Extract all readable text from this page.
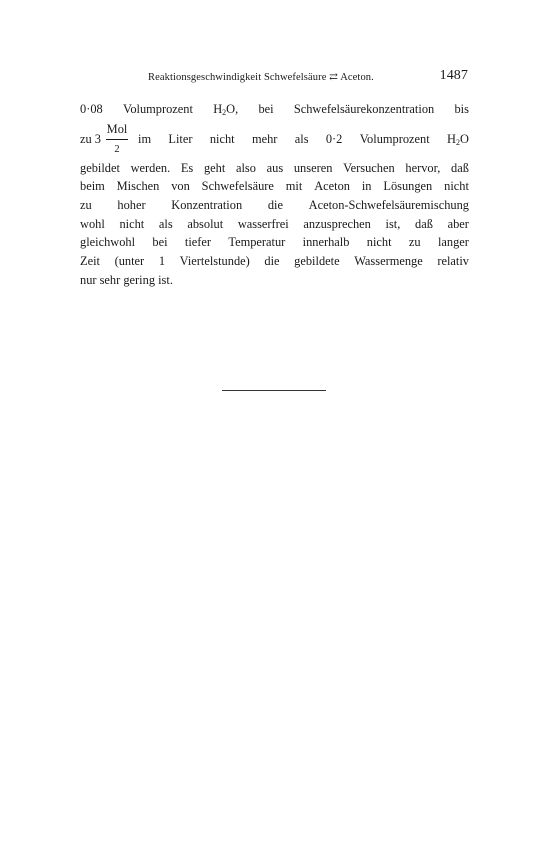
Reaktionsgeschwindigkeit Schwefelsäure ⇄ Aceton.	1487
0·08 Volumprozent $H_2O$, bei Schwefelsäurekonzentration bis
zu 3
Mol
2
im Liter nicht mehr als 0·2 Volumprozent $H_2O$
gebildet werden. Es geht also aus unseren Versuchen hervor, daß
beim Mischen von Schwefelsäure mit Aceton in Lösungen nicht
zu hoher Konzentration die Aceton-Schwefelsäuremischung
wohl nicht als absolut wasserfrei anzusprechen ist, daß aber
gleichwohl bei tiefer Temperatur innerhalb nicht zu langer
Zeit (unter 1 Viertelstunde) die gebildete Wassermenge relativ
nur sehr gering ist.
